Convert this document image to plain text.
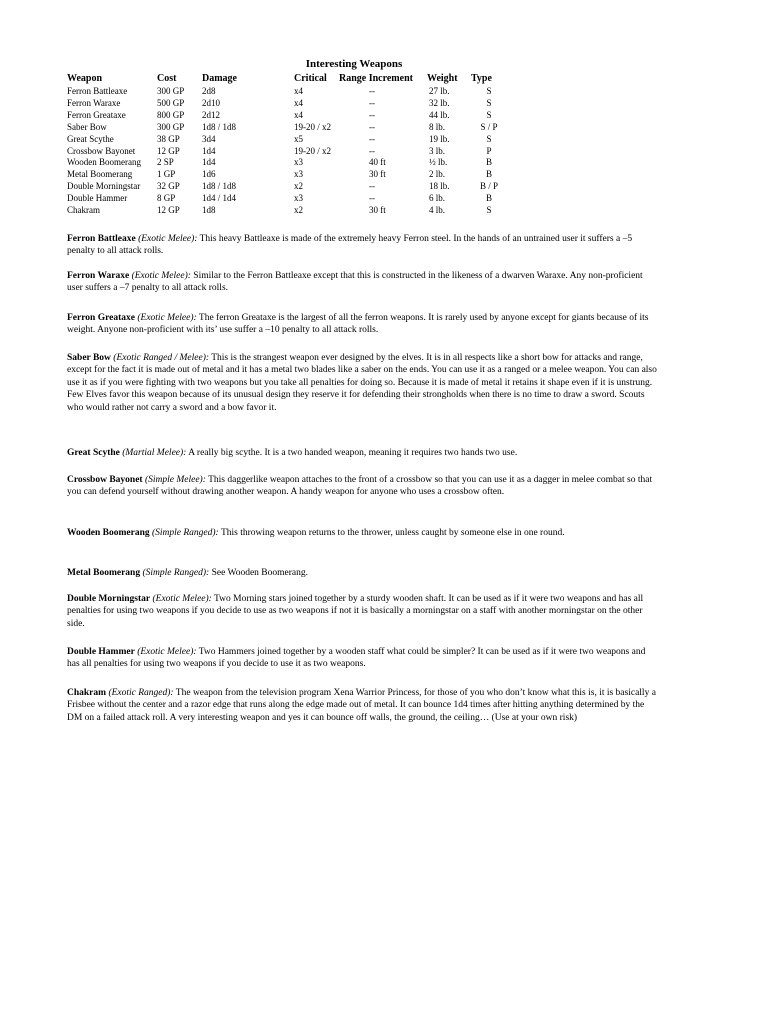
Interesting Weapons
Weapon	Cost	Damage	Critical	Range Increment	Weight	Type
Ferron Battleaxe	300 GP	2d8	x4	--	27 lb.	S
Ferron Waraxe	500 GP	2d10	x4	--	32 lb.	S
Ferron Greataxe	800 GP	2d12	x4	--	44 lb.	S
Saber Bow	300 GP	1d8 / 1d8	19-20 / x2	--	8 lb.	S / P
Great Scythe	38 GP	3d4	x5	--	19 lb.	S
Crossbow Bayonet	12 GP	1d4	19-20 / x2	--	3 lb.	P
Wooden Boomerang	2 SP	1d4	x3	40 ft	½ lb.	B
Metal Boomerang	1 GP	1d6	x3	30 ft	2 lb.	B
Double Morningstar	32 GP	1d8 / 1d8	x2	--	18 lb.	B / P
Double Hammer	8 GP	1d4 / 1d4	x3	--	6 lb.	B
Chakram	12 GP	1d8	x2	30 ft	4 lb.	S
Ferron Battleaxe (Exotic Melee): This heavy Battleaxe is made of the extremely heavy Ferron steel. In the hands of an untrained user it suffers a –5 penalty to all attack rolls.
Ferron Waraxe (Exotic Melee): Similar to the Ferron Battleaxe except that this is constructed in the likeness of a dwarven Waraxe. Any non-proficient user suffers a –7 penalty to all attack rolls.
Ferron Greataxe (Exotic Melee): The ferron Greataxe is the largest of all the ferron weapons. It is rarely used by anyone except for giants because of its weight. Anyone non-proficient with its’ use suffer a –10 penalty to all attack rolls.
Saber Bow (Exotic Ranged / Melee): This is the strangest weapon ever designed by the elves. It is in all respects like a short bow for attacks and range, except for the fact it is made out of metal and it has a metal two blades like a saber on the ends. You can use it as a ranged or a melee weapon. You can also use it as if you were fighting with two weapons but you take all penalties for doing so. Because it is made of metal it retains it shape even if it is unstrung. Few Elves favor this weapon because of its unusual design they reserve it for defending their strongholds when there is no time to draw a sword. Scouts who would rather not carry a sword and a bow favor it.
Great Scythe (Martial Melee): A really big scythe. It is a two handed weapon, meaning it requires two hands two use.
Crossbow Bayonet (Simple Melee): This daggerlike weapon attaches to the front of a crossbow so that you can use it as a dagger in melee combat so that you can defend yourself without drawing another weapon. A handy weapon for anyone who uses a crossbow often.
Wooden Boomerang (Simple Ranged): This throwing weapon returns to the thrower, unless caught by someone else in one round.
Metal Boomerang (Simple Ranged): See Wooden Boomerang.
Double Morningstar (Exotic Melee): Two Morning stars joined together by a sturdy wooden shaft. It can be used as if it were two weapons and has all penalties for using two weapons if you decide to use as two weapons if not it is basically a morningstar on a staff with another morningstar on the other side.
Double Hammer (Exotic Melee): Two Hammers joined together by a wooden staff what could be simpler? It can be used as if it were two weapons and has all penalties for using two weapons if you decide to use it as two weapons.
Chakram (Exotic Ranged): The weapon from the television program Xena Warrior Princess, for those of you who don’t know what this is, it is basically a Frisbee without the center and a razor edge that runs along the edge made out of metal. It can bounce 1d4 times after hitting anything determined by the DM on a failed attack roll. A very interesting weapon and yes it can bounce off walls, the ground, the ceiling… (Use at your own risk)
